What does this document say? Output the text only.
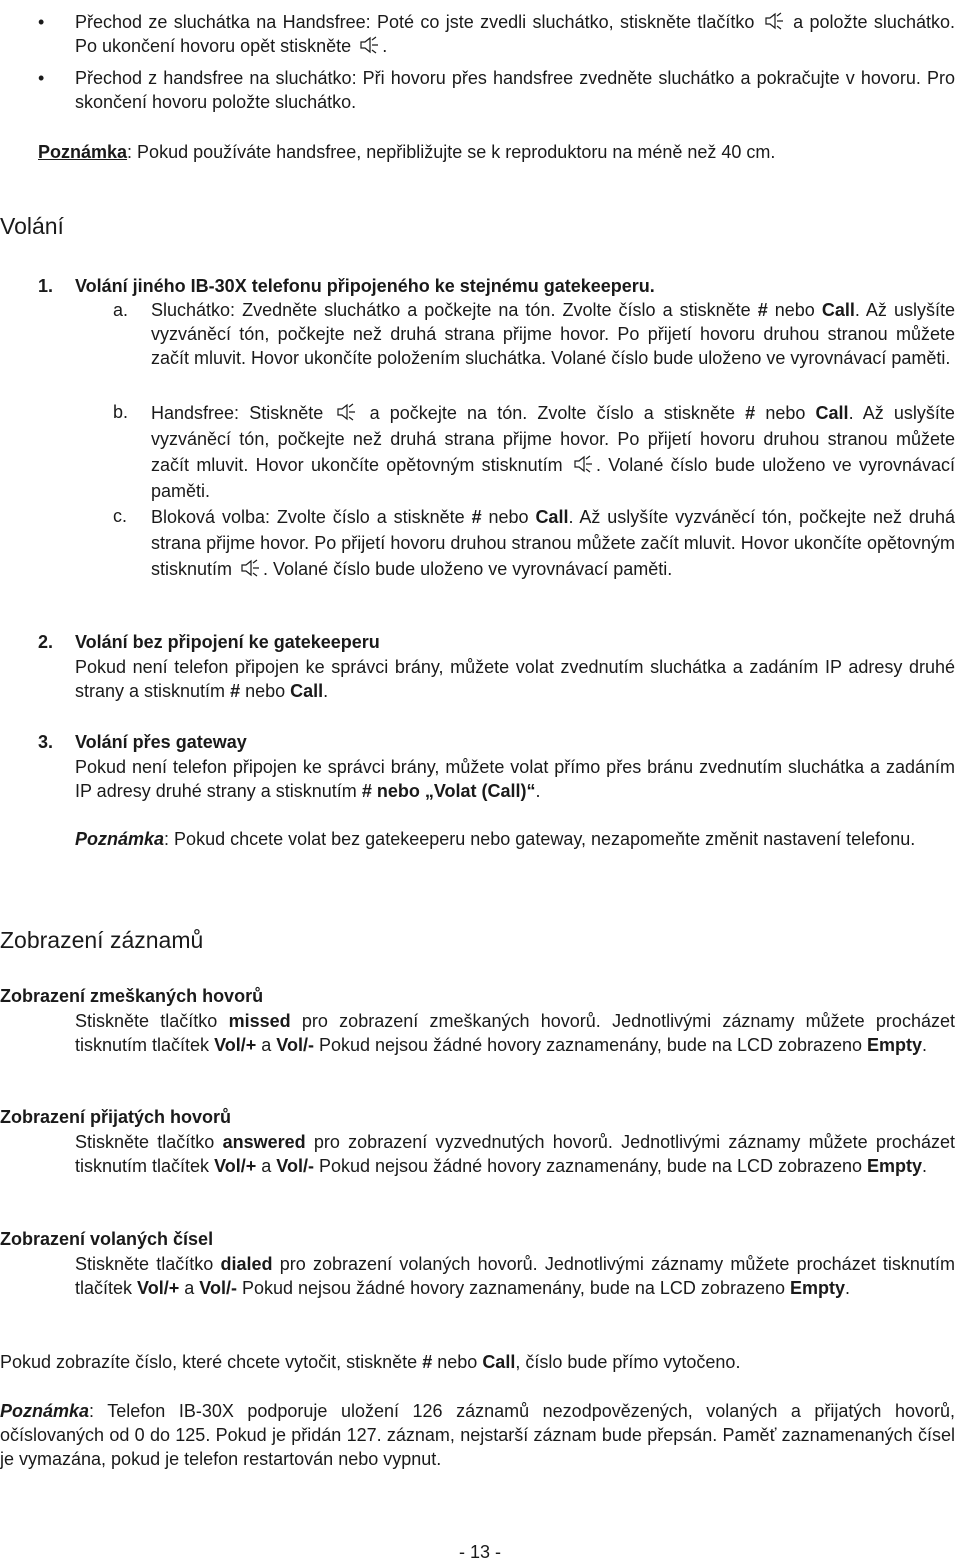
• Přechod ze sluchátka na Handsfree: Poté co jste zvedli sluchátko, stiskněte tlačítko a položte sluchátko. Po ukončení hovoru opět stiskněte .
• Přechod z handsfree na sluchátko: Při hovoru přes handsfree zvedněte sluchátko a pokračujte v hovoru. Pro skončení hovoru položte sluchátko.
Poznámka: Pokud používáte handsfree, nepřibližujte se k reproduktoru na méně než 40 cm.
Volání
1. Volání jiného IB-30X telefonu připojeného ke stejnému gatekeeperu.
a. Sluchátko: Zvedněte sluchátko a počkejte na tón. Zvolte číslo a stiskněte # nebo Call. Až uslyšíte vyzváněcí tón, počkejte než druhá strana přijme hovor. Po přijetí hovoru druhou stranou můžete začít mluvit. Hovor ukončíte položením sluchátka. Volané číslo bude uloženo ve vyrovnávací paměti.
b. Handsfree: Stiskněte	a počkejte na tón. Zvolte číslo a stiskněte # nebo Call. Až uslyšíte vyzváněcí tón, počkejte než druhá strana přijme hovor. Po přijetí hovoru druhou stranou můžete začít mluvit. Hovor ukončíte opětovným stisknutím . Volané číslo bude uloženo ve vyrovnávací paměti.
c. Bloková volba: Zvolte číslo a stiskněte # nebo Call. Až uslyšíte vyzváněcí tón, počkejte než druhá strana přijme hovor. Po přijetí hovoru druhou stranou můžete začít mluvit. Hovor ukončíte opětovným stisknutím . Volané číslo bude uloženo ve vyrovnávací paměti.
2. Volání bez připojení ke gatekeeperu
Pokud není telefon připojen ke správci brány, můžete volat zvednutím sluchátka a zadáním IP adresy druhé strany a stisknutím # nebo Call.
3. Volání přes gateway
Pokud není telefon připojen ke správci brány, můžete volat přímo přes bránu zvednutím sluchátka a zadáním IP adresy druhé strany a stisknutím # nebo „Volat (Call)“.
Poznámka: Pokud chcete volat bez gatekeeperu nebo gateway, nezapomeňte změnit nastavení telefonu.
Zobrazení záznamů
Zobrazení zmeškaných hovorů
Stiskněte tlačítko missed pro zobrazení zmeškaných hovorů. Jednotlivými záznamy můžete procházet tisknutím tlačítek Vol/+ a Vol/- Pokud nejsou žádné hovory zaznamenány, bude na LCD zobrazeno Empty.
Zobrazení přijatých hovorů
Stiskněte tlačítko answered pro zobrazení vyzvednutých hovorů. Jednotlivými záznamy můžete procházet tisknutím tlačítek Vol/+ a Vol/- Pokud nejsou žádné hovory zaznamenány, bude na LCD zobrazeno Empty.
Zobrazení volaných čísel
Stiskněte tlačítko dialed pro zobrazení volaných hovorů. Jednotlivými záznamy můžete procházet tisknutím tlačítek Vol/+ a Vol/- Pokud nejsou žádné hovory zaznamenány, bude na LCD zobrazeno Empty.
Pokud zobrazíte číslo, které chcete vytočit, stiskněte # nebo Call, číslo bude přímo vytočeno.
Poznámka: Telefon IB-30X podporuje uložení 126 záznamů nezodpovězených, volaných a přijatých hovorů, očíslovaných od 0 do 125. Pokud je přidán 127. záznam, nejstarší záznam bude přepsán. Paměť zaznamenaných čísel je vymazána, pokud je telefon restartován nebo vypnut.
- 13 -
